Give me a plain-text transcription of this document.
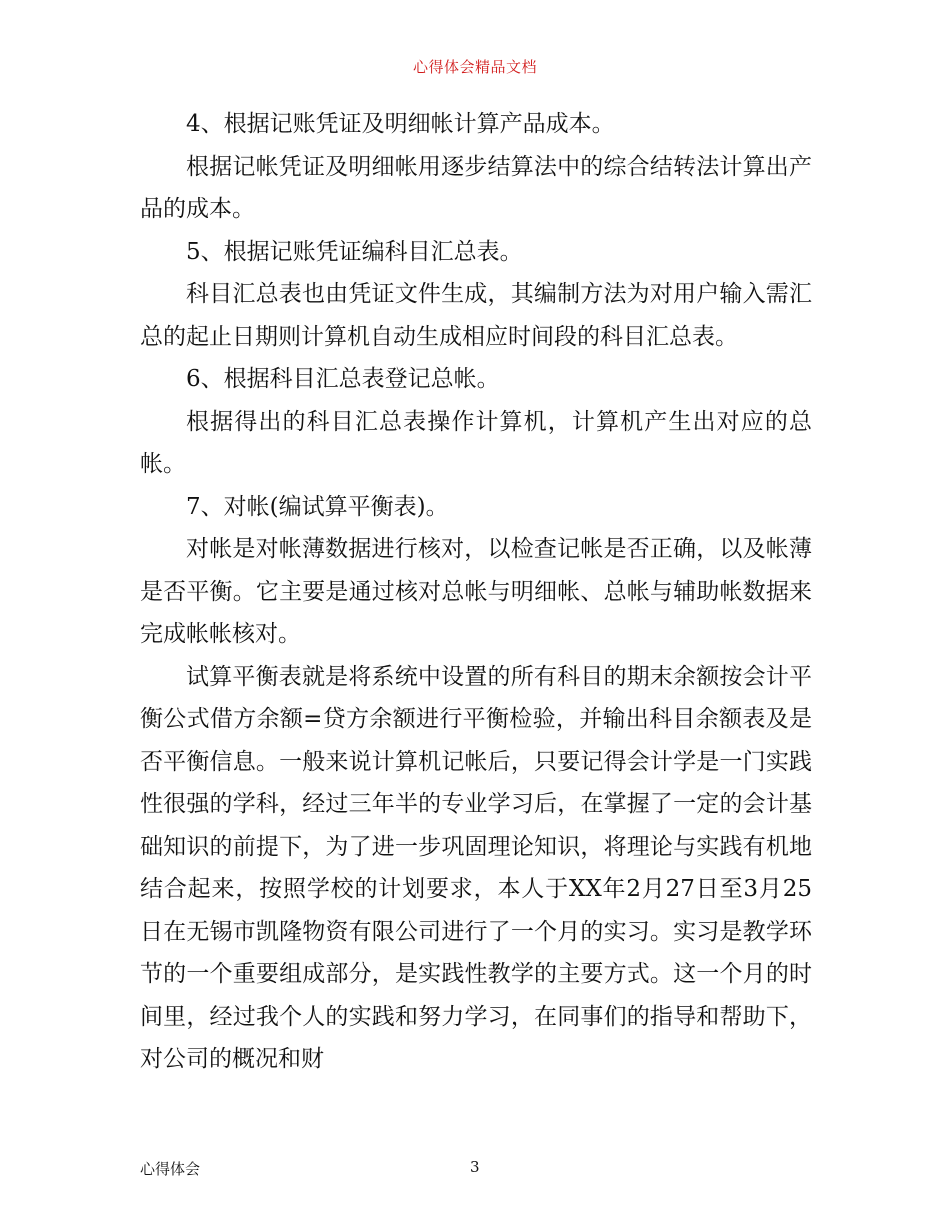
心得体会精品文档

4、根据记账凭证及明细帐计算产品成本。

根据记帐凭证及明细帐用逐步结算法中的综合结转法计算出产品的成本。

5、根据记账凭证编科目汇总表。

科目汇总表也由凭证文件生成，其编制方法为对用户输入需汇总的起止日期则计算机自动生成相应时间段的科目汇总表。

6、根据科目汇总表登记总帐。

根据得出的科目汇总表操作计算机，计算机产生出对应的总帐。

7、对帐(编试算平衡表)。

对帐是对帐薄数据进行核对，以检查记帐是否正确，以及帐薄是否平衡。它主要是通过核对总帐与明细帐、总帐与辅助帐数据来完成帐帐核对。

试算平衡表就是将系统中设置的所有科目的期末余额按会计平衡公式借方余额=贷方余额进行平衡检验，并输出科目余额表及是否平衡信息。一般来说计算机记帐后，只要记得会计学是一门实践性很强的学科，经过三年半的专业学习后，在掌握了一定的会计基础知识的前提下，为了进一步巩固理论知识，将理论与实践有机地结合起来，按照学校的计划要求，本人于XX年2月27日至3月25日在无锡市凯隆物资有限公司进行了一个月的实习。实习是教学环节的一个重要组成部分，是实践性教学的主要方式。这一个月的时间里，经过我个人的实践和努力学习，在同事们的指导和帮助下，对公司的概况和财

心得体会	3
